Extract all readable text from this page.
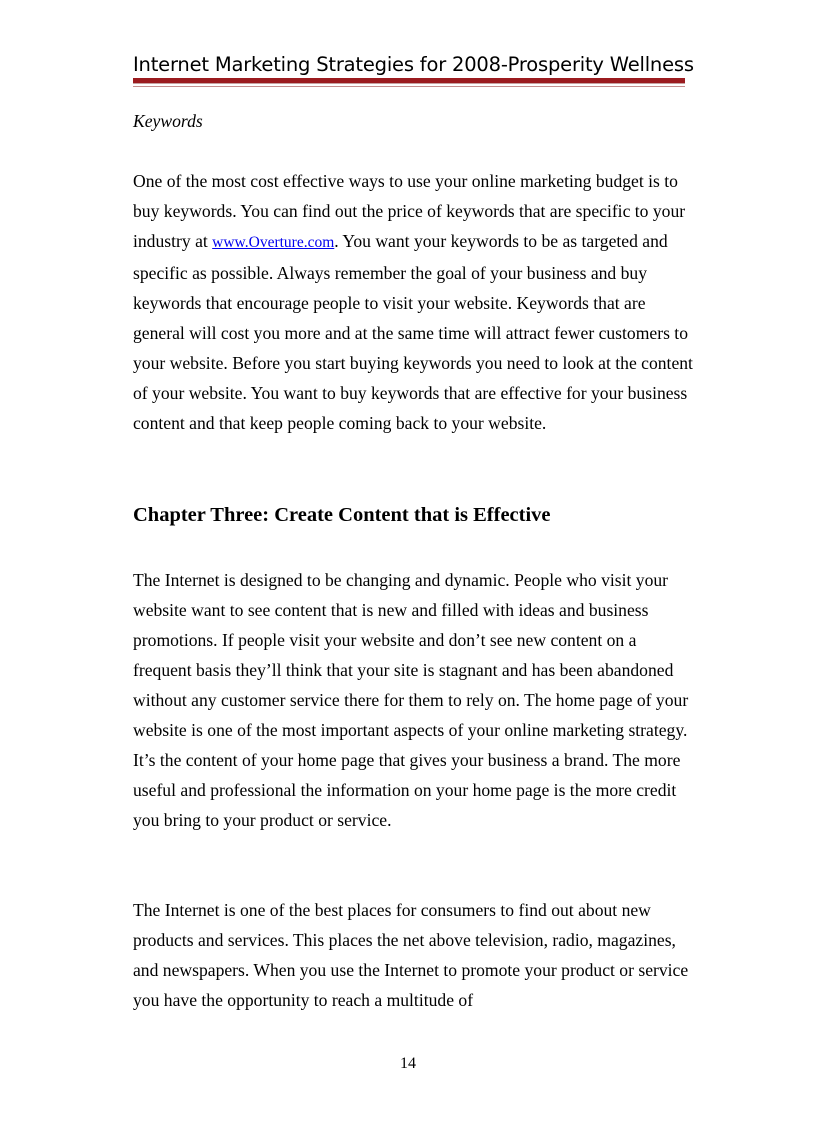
Internet Marketing Strategies for 2008-Prosperity Wellness
Keywords

One of the most cost effective ways to use your online marketing budget is to buy keywords. You can find out the price of keywords that are specific to your industry at www.Overture.com. You want your keywords to be as targeted and specific as possible. Always remember the goal of your business and buy keywords that encourage people to visit your website. Keywords that are general will cost you more and at the same time will attract fewer customers to your website. Before you start buying keywords you need to look at the content of your website. You want to buy keywords that are effective for your business content and that keep people coming back to your website.

Chapter Three: Create Content that is Effective

The Internet is designed to be changing and dynamic. People who visit your website want to see content that is new and filled with ideas and business promotions. If people visit your website and don’t see new content on a frequent basis they’ll think that your site is stagnant and has been abandoned without any customer service there for them to rely on. The home page of your website is one of the most important aspects of your online marketing strategy. It’s the content of your home page that gives your business a brand. The more useful and professional the information on your home page is the more credit you bring to your product or service.

The Internet is one of the best places for consumers to find out about new products and services. This places the net above television, radio, magazines, and newspapers. When you use the Internet to promote your product or service you have the opportunity to reach a multitude of

14
